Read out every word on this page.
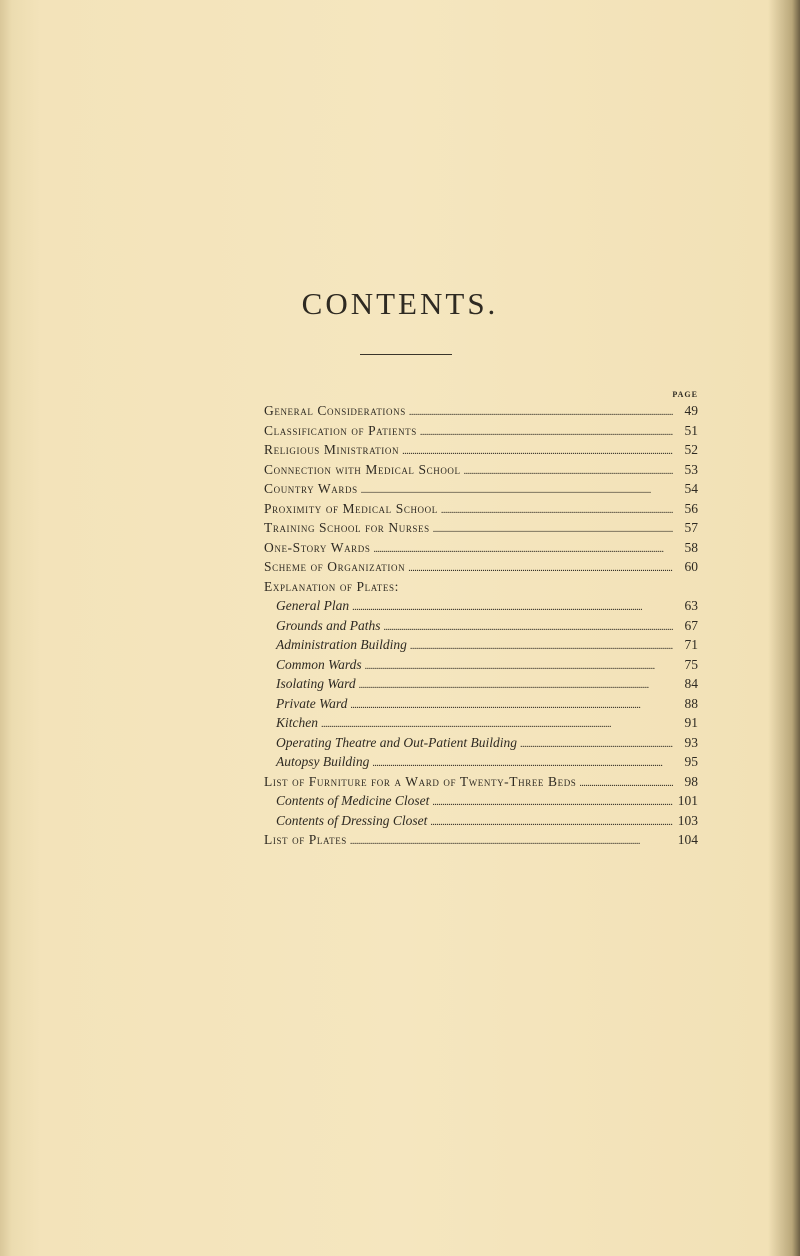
CONTENTS.
PAGE
General Considerations . . .	49
Classification of Patients . . .	51
Religious Ministration . . .	52
Connection with Medical School . . .	53
Country Wards . . .	54
Proximity of Medical School . . .	56
Training School for Nurses . . .	57
One-Story Wards . . .	58
Scheme of Organization . . .	60
Explanation of Plates:
General Plan . . .	63
Grounds and Paths . . .	67
Administration Building . . .	71
Common Wards . . .	75
Isolating Ward . . .	84
Private Ward . . .	88
Kitchen . . .	91
Operating Theatre and Out-Patient Building . . .	93
Autopsy Building . . .	95
List of Furniture for a Ward of Twenty-Three Beds . . .	98
Contents of Medicine Closet . . .	101
Contents of Dressing Closet . . .	103
List of Plates . . .	104
